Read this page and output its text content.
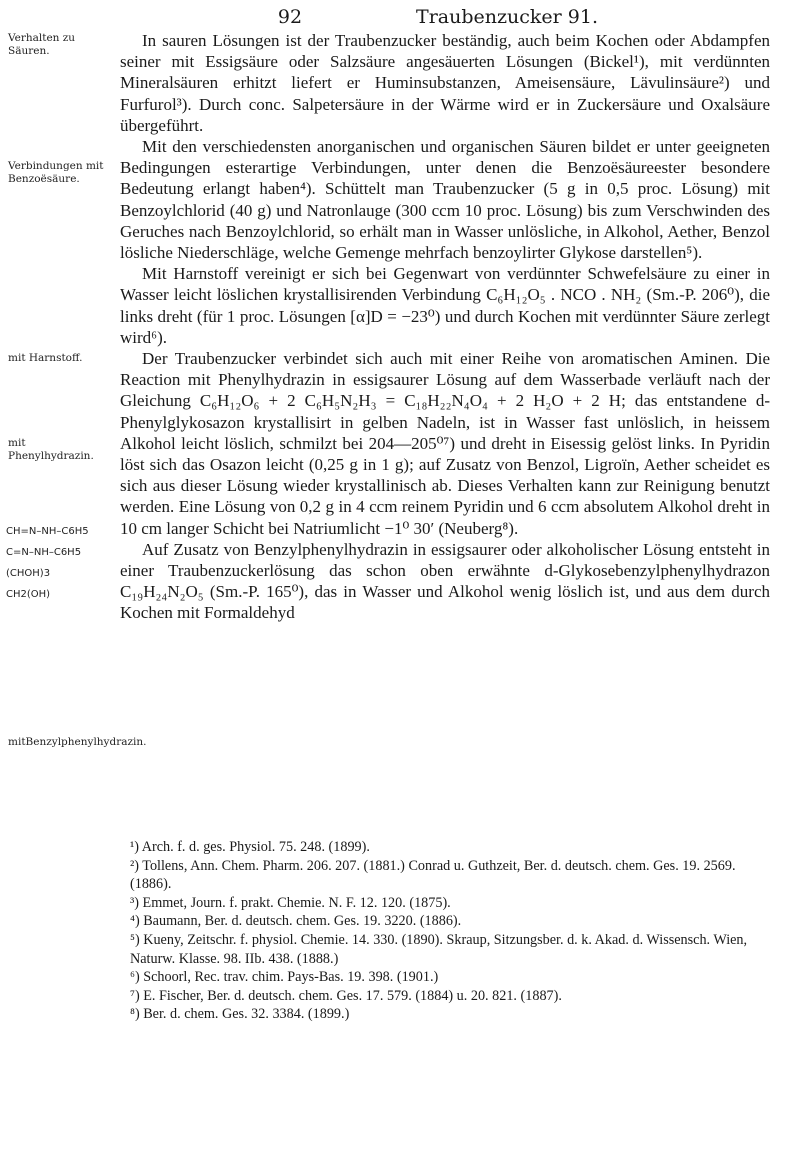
92	Traubenzucker 91.
Verhalten zu Säuren.
Verbindungen mit Benzoësäure.
mit Harnstoff.
mit Phenylhydrazin.
mitBenzylphenylhydrazin.
CH=N–NH–C6H5
C=N–NH–C6H5
(CHOH)3
CH2(OH)

In sauren Lösungen ist der Traubenzucker beständig, auch beim Kochen oder Abdampfen seiner mit Essigsäure oder Salzsäure angesäuerten Lösungen (Bickel¹), mit verdünnten Mineralsäuren erhitzt liefert er Huminsubstanzen, Ameisensäure, Lävulinsäure²) und Furfurol³). Durch conc. Salpetersäure in der Wärme wird er in Zuckersäure und Oxalsäure übergeführt.

Mit den verschiedensten anorganischen und organischen Säuren bildet er unter geeigneten Bedingungen esterartige Verbindungen, unter denen die Benzoësäureester besondere Bedeutung erlangt haben⁴). Schüttelt man Traubenzucker (5 g in 0,5 proc. Lösung) mit Benzoylchlorid (40 g) und Natronlauge (300 ccm 10 proc. Lösung) bis zum Verschwinden des Geruches nach Benzoylchlorid, so erhält man in Wasser unlösliche, in Alkohol, Aether, Benzol lösliche Niederschläge, welche Gemenge mehrfach benzoylirter Glykose darstellen⁵).

Mit Harnstoff vereinigt er sich bei Gegenwart von verdünnter Schwefelsäure zu einer in Wasser leicht löslichen krystallisirenden Verbindung C₆H₁₂O₅ . NCO . NH₂ (Sm.-P. 206⁰), die links dreht (für 1 proc. Lösungen [α]D = −23⁰) und durch Kochen mit verdünnter Säure zerlegt wird⁶).

Der Traubenzucker verbindet sich auch mit einer Reihe von aromatischen Aminen. Die Reaction mit Phenylhydrazin in essigsaurer Lösung auf dem Wasserbade verläuft nach der Gleichung C₆H₁₂O₆ + 2 C₆H₅N₂H₃ = C₁₈H₂₂N₄O₄ + 2 H₂O + 2 H; das entstandene d-Phenylglykosazon krystallisirt in gelben Nadeln, ist in Wasser fast unlöslich, in heissem Alkohol leicht löslich, schmilzt bei 204—205⁰⁷) und dreht in Eisessig gelöst links. In Pyridin löst sich das Osazon leicht (0,25 g in 1 g); auf Zusatz von Benzol, Ligroïn, Aether scheidet es sich aus dieser Lösung wieder krystallinisch ab. Dieses Verhalten kann zur Reinigung benutzt werden. Eine Lösung von 0,2 g in 4 ccm reinem Pyridin und 6 ccm absolutem Alkohol dreht in 10 cm langer Schicht bei Natriumlicht −1⁰ 30′ (Neuberg⁸).

Auf Zusatz von Benzylphenylhydrazin in essigsaurer oder alkoholischer Lösung entsteht in einer Traubenzuckerlösung das schon oben erwähnte d-Glykosebenzylphenylhydrazon C₁₉H₂₄N₂O₅ (Sm.-P. 165⁰), das in Wasser und Alkohol wenig löslich ist, und aus dem durch Kochen mit Formaldehyd

¹) Arch. f. d. ges. Physiol. 75. 248. (1899).
²) Tollens, Ann. Chem. Pharm. 206. 207. (1881.) Conrad u. Guthzeit, Ber. d. deutsch. chem. Ges. 19. 2569. (1886).
³) Emmet, Journ. f. prakt. Chemie. N. F. 12. 120. (1875).
⁴) Baumann, Ber. d. deutsch. chem. Ges. 19. 3220. (1886).
⁵) Kueny, Zeitschr. f. physiol. Chemie. 14. 330. (1890). Skraup, Sitzungsber. d. k. Akad. d. Wissensch. Wien, Naturw. Klasse. 98. IIb. 438. (1888.)
⁶) Schoorl, Rec. trav. chim. Pays-Bas. 19. 398. (1901.)
⁷) E. Fischer, Ber. d. deutsch. chem. Ges. 17. 579. (1884) u. 20. 821. (1887).
⁸) Ber. d. chem. Ges. 32. 3384. (1899.)
